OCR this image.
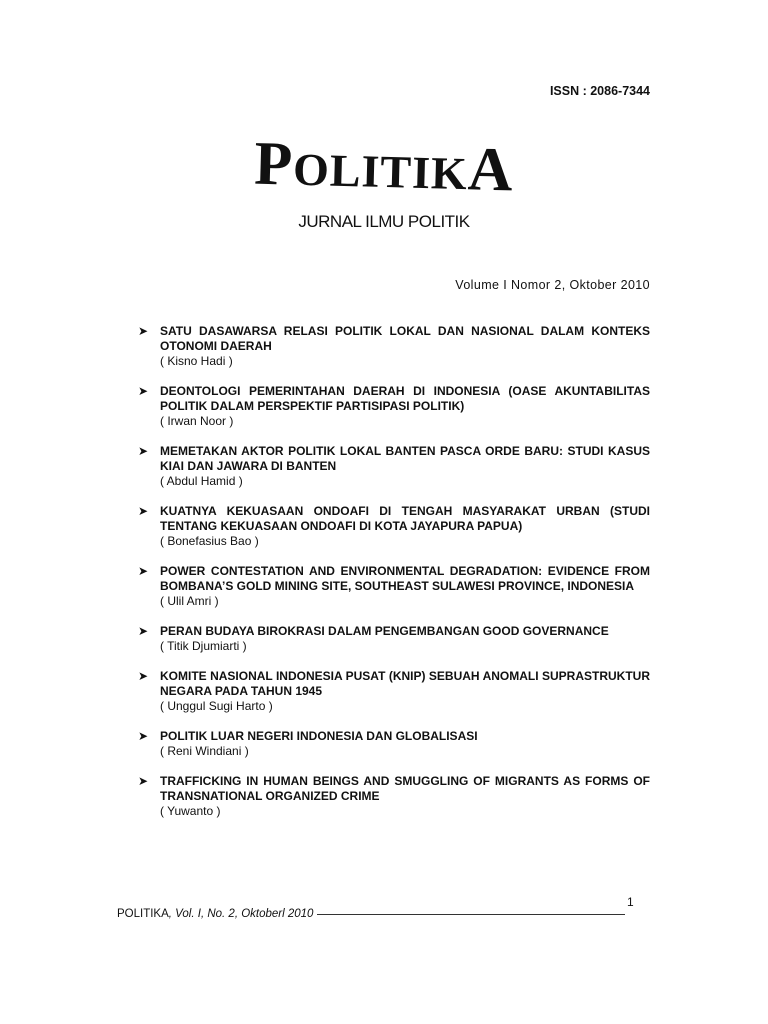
ISSN : 2086-7344
POLITIKA
JURNAL ILMU POLITIK
Volume I Nomor 2, Oktober 2010
➤ SATU DASAWARSA RELASI POLITIK LOKAL DAN NASIONAL DALAM KONTEKS OTONOMI DAERAH
( Kisno Hadi )
➤ DEONTOLOGI PEMERINTAHAN DAERAH DI INDONESIA (OASE AKUNTABILITAS POLITIK DALAM PERSPEKTIF PARTISIPASI POLITIK)
( Irwan Noor )
➤ MEMETAKAN AKTOR POLITIK LOKAL BANTEN PASCA ORDE BARU: STUDI KASUS KIAI DAN JAWARA DI BANTEN
( Abdul Hamid )
➤ KUATNYA KEKUASAAN ONDOAFI DI TENGAH MASYARAKAT URBAN (STUDI TENTANG KEKUASAAN ONDOAFI DI KOTA JAYAPURA PAPUA)
( Bonefasius Bao )
➤ POWER CONTESTATION AND ENVIRONMENTAL DEGRADATION: EVIDENCE FROM BOMBANA’S GOLD MINING SITE, SOUTHEAST SULAWESI PROVINCE, INDONESIA
( Ulil Amri )
➤ PERAN BUDAYA BIROKRASI DALAM PENGEMBANGAN GOOD GOVERNANCE
( Titik Djumiarti )
➤ KOMITE NASIONAL INDONESIA PUSAT (KNIP) SEBUAH ANOMALI SUPRASTRUKTUR NEGARA PADA TAHUN 1945
( Unggul Sugi Harto )
➤ POLITIK LUAR NEGERI INDONESIA DAN GLOBALISASI
( Reni Windiani )
➤ TRAFFICKING IN HUMAN BEINGS AND SMUGGLING OF MIGRANTS AS FORMS OF TRANSNATIONAL ORGANIZED CRIME
( Yuwanto )
1
POLITIKA , Vol. I, No. 2, Oktoberl 2010
